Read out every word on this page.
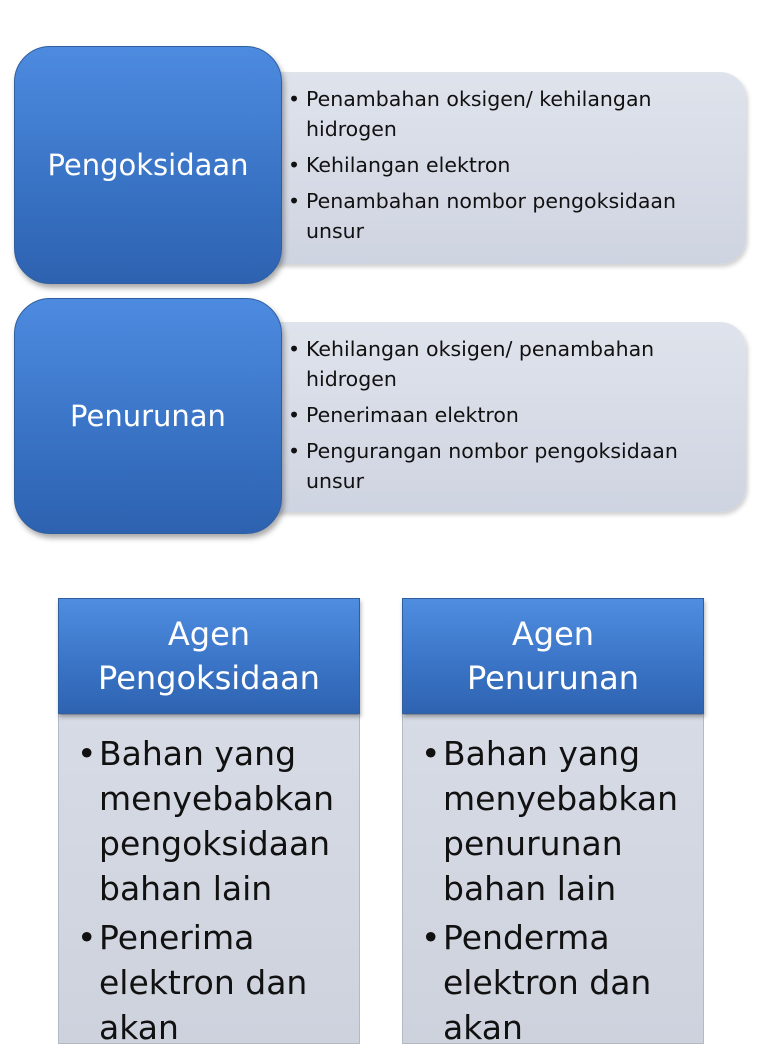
• Penambahan oksigen/ kehilangan hidrogen
• Kehilangan elektron
• Penambahan nombor pengoksidaan unsur
Pengoksidaan
• Kehilangan oksigen/ penambahan hidrogen
• Penerimaan elektron
• Pengurangan nombor pengoksidaan unsur
Penurunan
Agen
Pengoksidaan
• Bahan yang menyebabkan pengoksidaan bahan lain
• Penerima elektron dan akan
Agen
Penurunan
• Bahan yang menyebabkan penurunan bahan lain
• Penderma elektron dan akan
